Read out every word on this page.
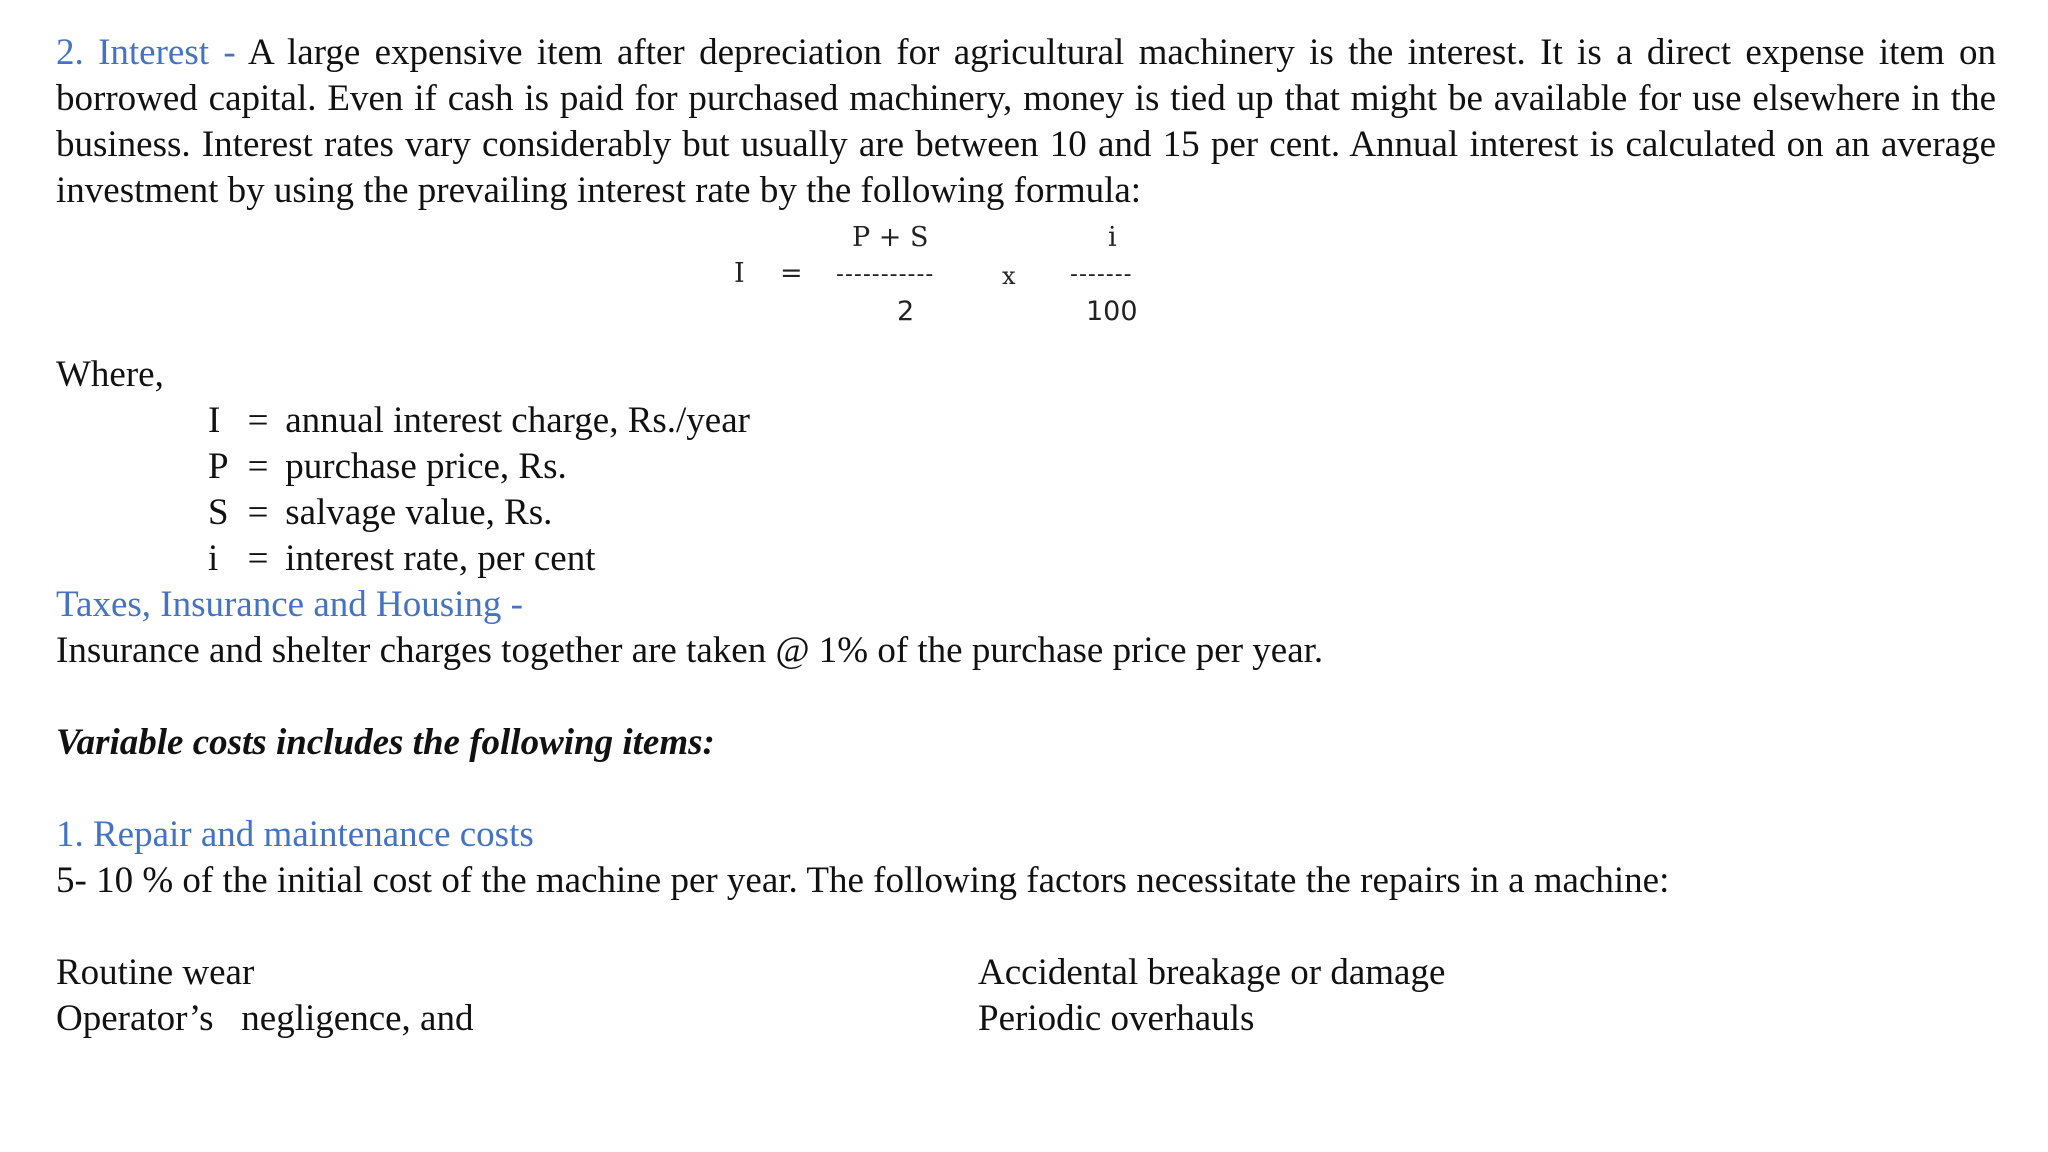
2. Interest - A large expensive item after depreciation for agricultural machinery is the interest. It is a direct expense item on borrowed capital. Even if cash is paid for purchased machinery, money is tied up that might be available for use elsewhere in the business. Interest rates vary considerably but usually are between 10 and 15 per cent. Annual interest is calculated on an average investment by using the prevailing interest rate by the following formula:
I =
P + S
-----------
2
x
i
-------
100
Where,
I = annual interest charge, Rs./year
P = purchase price, Rs.
S = salvage value, Rs.
i = interest rate, per cent
Taxes, Insurance and Housing -
Insurance and shelter charges together are taken @ 1% of the purchase price per year.
Variable costs includes the following items:
1. Repair and maintenance costs
5- 10 % of the initial cost of the machine per year. The following factors necessitate the repairs in a machine:
Routine wear
Operator’s   negligence, and
Accidental breakage or damage
Periodic overhauls
